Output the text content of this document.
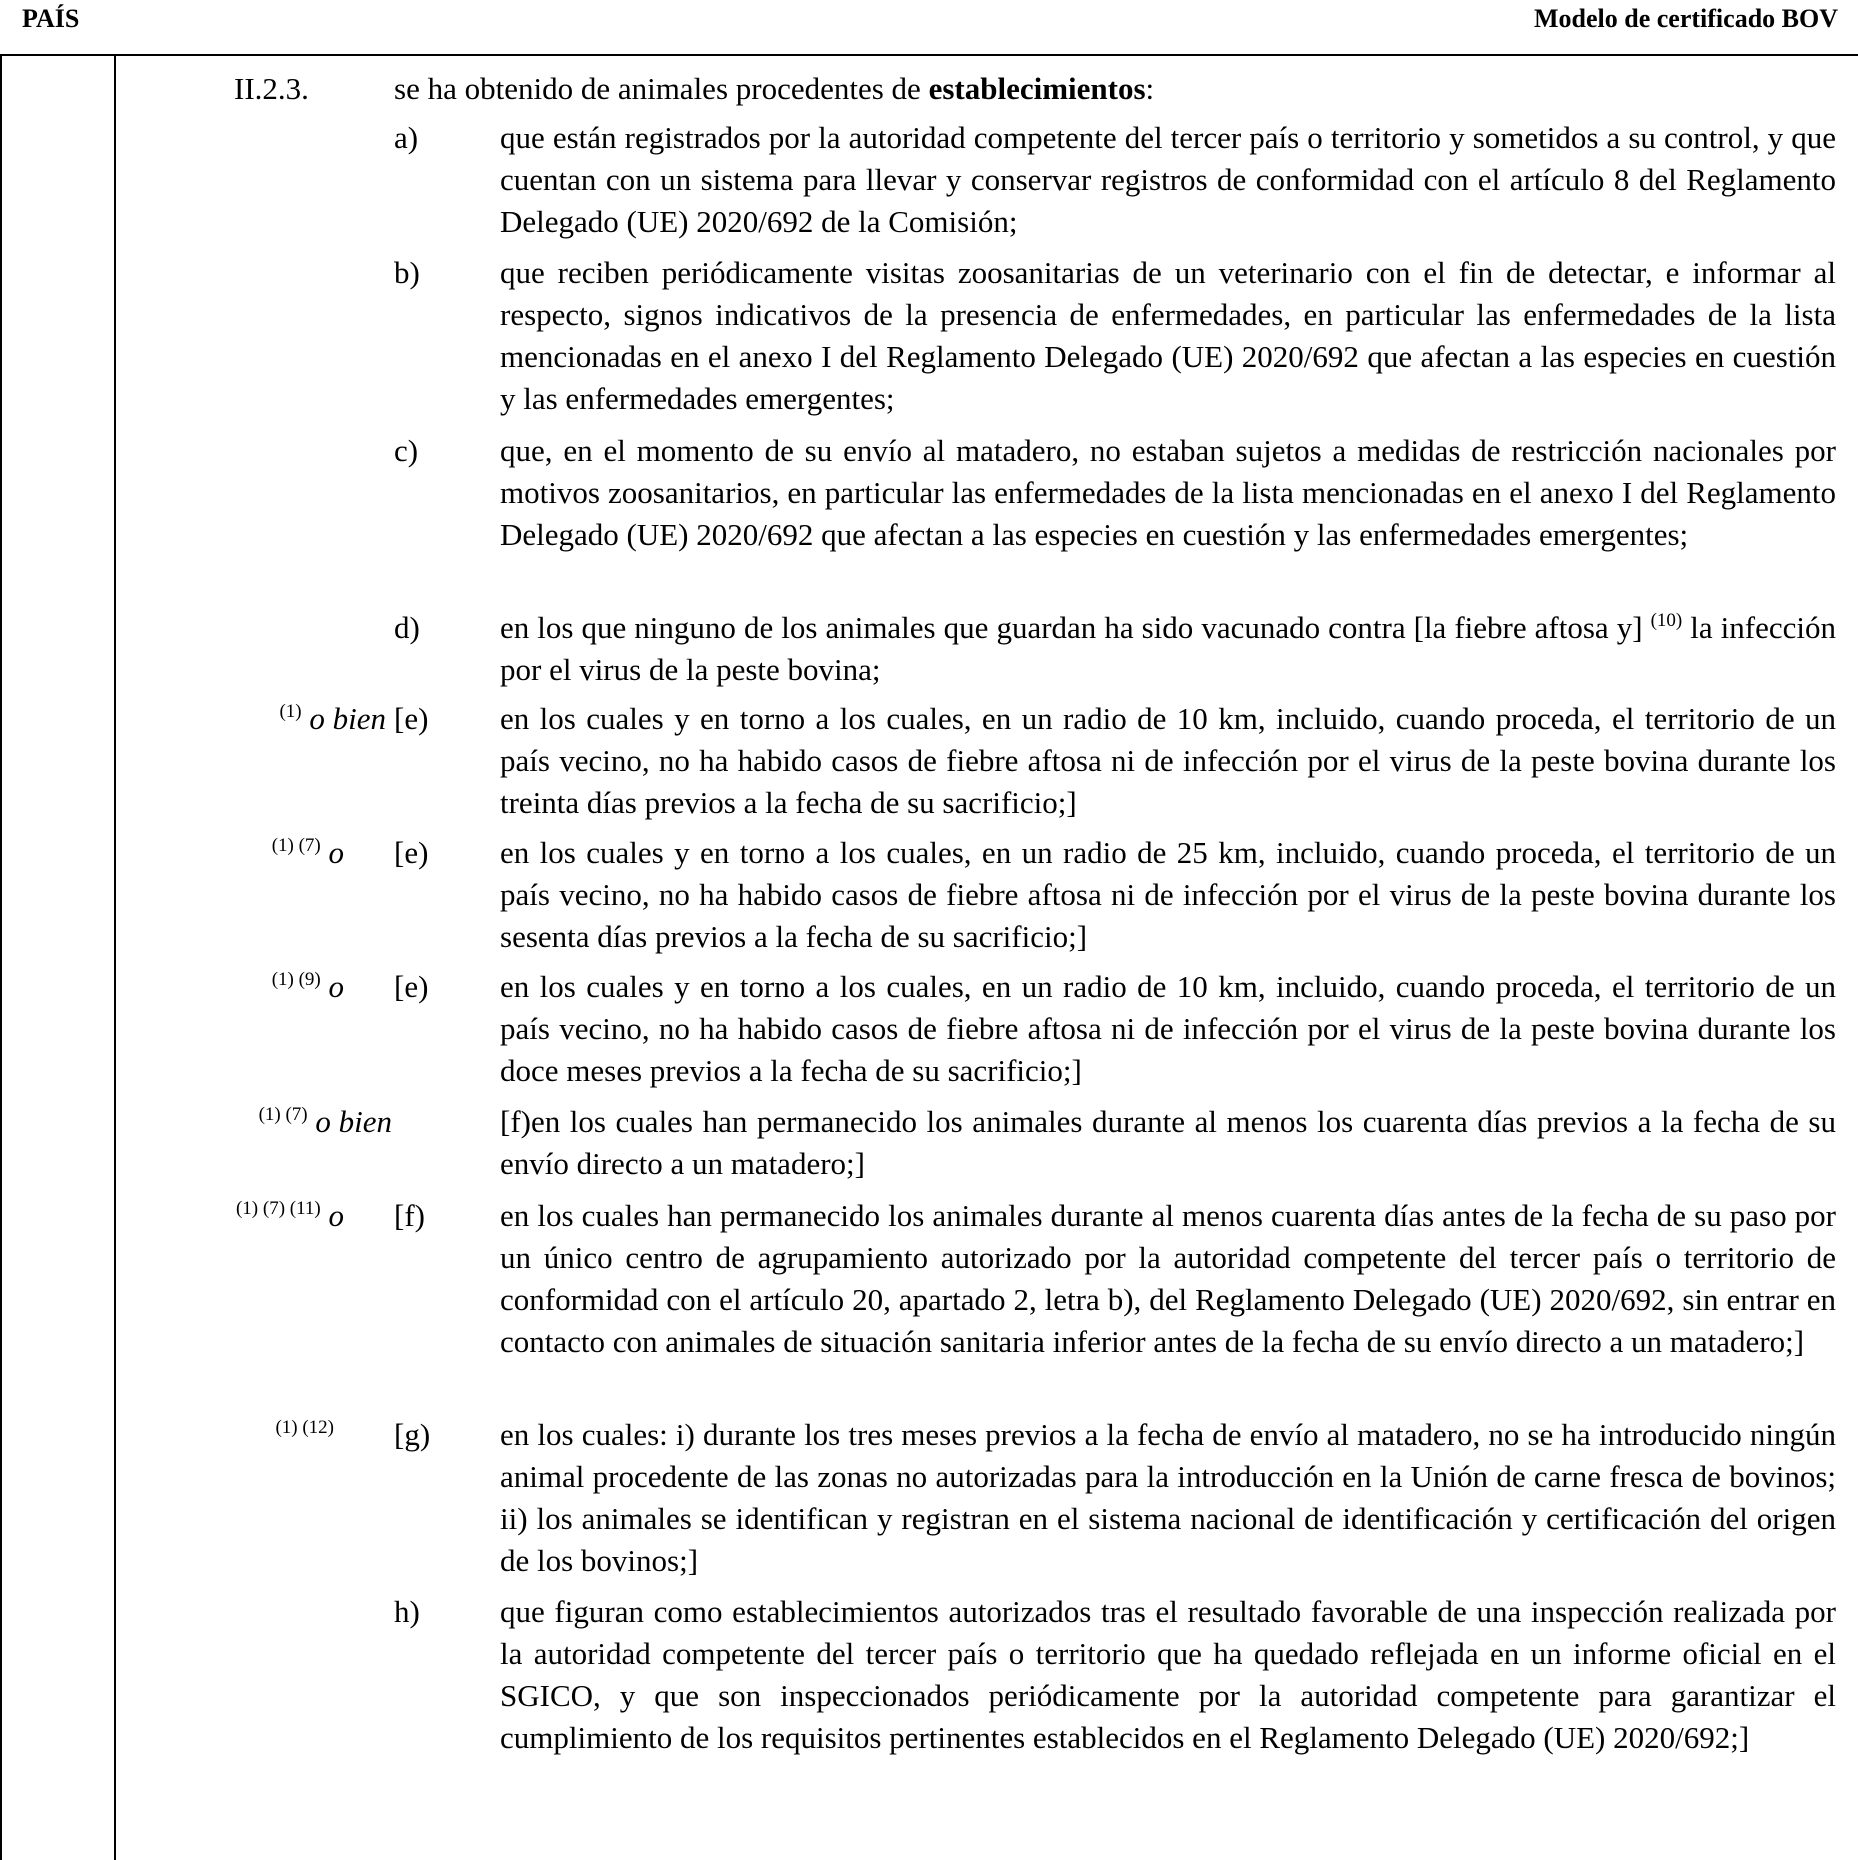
PAÍS	Modelo de certificado BOV
II.2.3.	se ha obtenido de animales procedentes de establecimientos:
a)	que están registrados por la autoridad competente del tercer país o territorio y sometidos a su control, y que cuentan con un sistema para llevar y conservar registros de conformidad con el artículo 8 del Reglamento Delegado (UE) 2020/692 de la Comisión;
b)	que reciben periódicamente visitas zoosanitarias de un veterinario con el fin de detectar, e informar al respecto, signos indicativos de la presencia de enfermedades, en particular las enfermedades de la lista mencionadas en el anexo I del Reglamento Delegado (UE) 2020/692 que afectan a las especies en cuestión y las enfermedades emergentes;
c)	que, en el momento de su envío al matadero, no estaban sujetos a medidas de restricción nacionales por motivos zoosanitarios, en particular las enfermedades de la lista mencionadas en el anexo I del Reglamento Delegado (UE) 2020/692 que afectan a las especies en cuestión y las enfermedades emergentes;
d)	en los que ninguno de los animales que guardan ha sido vacunado contra [la fiebre aftosa y] $^{(10)}$ la infección por el virus de la peste bovina;
$^{(1)}$ o bien [e) en los cuales y en torno a los cuales, en un radio de 10 km, incluido, cuando proceda, el territorio de un país vecino, no ha habido casos de fiebre aftosa ni de infección por el virus de la peste bovina durante los treinta días previos a la fecha de su sacrificio;]
$^{(1) (7)}$ o [e) en los cuales y en torno a los cuales, en un radio de 25 km, incluido, cuando proceda, el territorio de un país vecino, no ha habido casos de fiebre aftosa ni de infección por el virus de la peste bovina durante los sesenta días previos a la fecha de su sacrificio;]
$^{(1) (9)}$ o [e) en los cuales y en torno a los cuales, en un radio de 10 km, incluido, cuando proceda, el territorio de un país vecino, no ha habido casos de fiebre aftosa ni de infección por el virus de la peste bovina durante los doce meses previos a la fecha de su sacrificio;]
$^{(1) (7)}$ o bien	[f)en los cuales han permanecido los animales durante al menos los cuarenta días previos a la fecha de su envío directo a un matadero;]
$^{(1) (7) (11)}$ o [f) en los cuales han permanecido los animales durante al menos cuarenta días antes de la fecha de su paso por un único centro de agrupamiento autorizado por la autoridad competente del tercer país o territorio de conformidad con el artículo 20, apartado 2, letra b), del Reglamento Delegado (UE) 2020/692, sin entrar en contacto con animales de situación sanitaria inferior antes de la fecha de su envío directo a un matadero;]
$^{(1) (12)}$ [g) en los cuales: i) durante los tres meses previos a la fecha de envío al matadero, no se ha introducido ningún animal procedente de las zonas no autorizadas para la introducción en la Unión de carne fresca de bovinos; ii) los animales se identifican y registran en el sistema nacional de identificación y certificación del origen de los bovinos;]
h)	que figuran como establecimientos autorizados tras el resultado favorable de una inspección realizada por la autoridad competente del tercer país o territorio que ha quedado reflejada en un informe oficial en el SGICO, y que son inspeccionados periódicamente por la autoridad competente para garantizar el cumplimiento de los requisitos pertinentes establecidos en el Reglamento Delegado (UE) 2020/692;]
